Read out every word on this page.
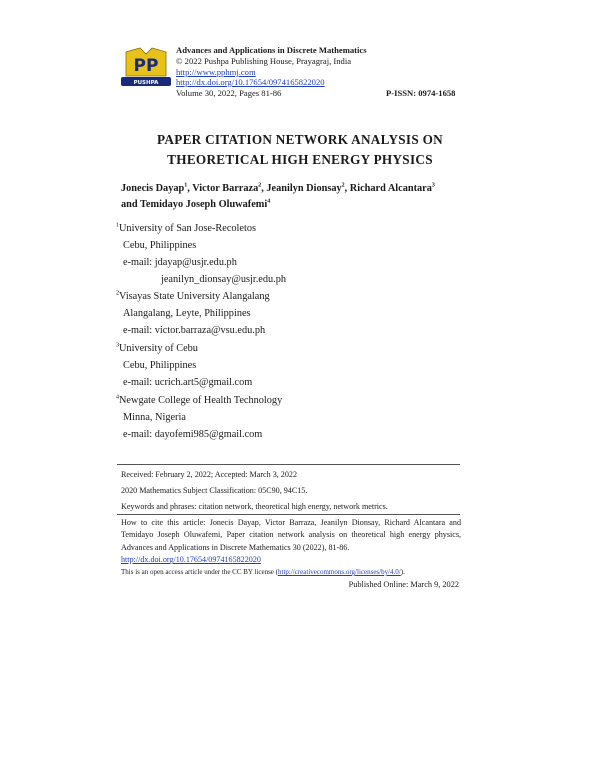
PP
PUSHPA
Advances and Applications in Discrete Mathematics
© 2022 Pushpa Publishing House, Prayagraj, India
http://www.pphmj.com
http://dx.doi.org/10.17654/0974165822020
Volume 30, 2022, Pages 81-86	P-ISSN: 0974-1658
PAPER CITATION NETWORK ANALYSIS ON
THEORETICAL HIGH ENERGY PHYSICS
Jonecis Dayap$^1$, Victor Barraza$^2$, Jeanilyn Dionsay$^2$, Richard Alcantara$^3$
and Temidayo Joseph Oluwafemi$^4$
$^1$University of San Jose-Recoletos
Cebu, Philippines
e-mail: jdayap@usjr.edu.ph
jeanilyn_dionsay@usjr.edu.ph
$^2$Visayas State University Alangalang
Alangalang, Leyte, Philippines
e-mail: victor.barraza@vsu.edu.ph
$^3$University of Cebu
Cebu, Philippines
e-mail: ucrich.art5@gmail.com
$^4$Newgate College of Health Technology
Minna, Nigeria
e-mail: dayofemi985@gmail.com
Received: February 2, 2022; Accepted: March 3, 2022
2020 Mathematics Subject Classification: 05C90, 94C15.
Keywords and phrases: citation network, theoretical high energy, network metrics.
How to cite this article: Jonecis Dayap, Victor Barraza, Jeanilyn Dionsay, Richard Alcantara and Temidayo Joseph Oluwafemi, Paper citation network analysis on theoretical high energy physics, Advances and Applications in Discrete Mathematics 30 (2022), 81-86.
http://dx.doi.org/10.17654/0974165822020
This is an open access article under the CC BY license (http://creativecommons.org/licenses/by/4.0/).
Published Online: March 9, 2022
